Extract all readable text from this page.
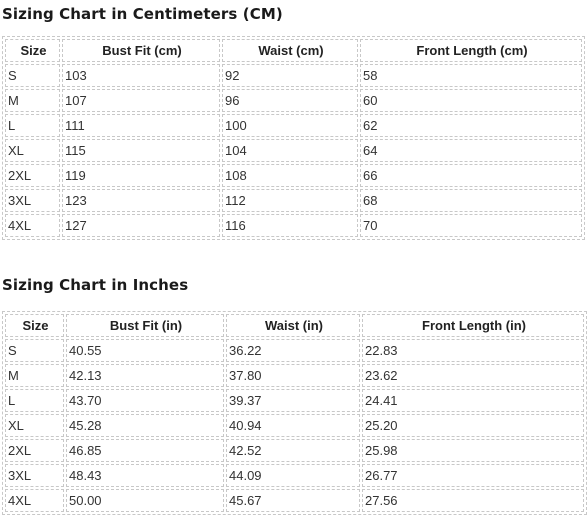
Sizing Chart in Centimeters (CM)
Size	Bust Fit (cm)	Waist (cm)	Front Length (cm)
S	103	92	58
M	107	96	60
L	111	100	62
XL	115	104	64
2XL	119	108	66
3XL	123	112	68
4XL	127	116	70
Sizing Chart in Inches
Size	Bust Fit (in)	Waist (in)	Front Length (in)
S	40.55	36.22	22.83
M	42.13	37.80	23.62
L	43.70	39.37	24.41
XL	45.28	40.94	25.20
2XL	46.85	42.52	25.98
3XL	48.43	44.09	26.77
4XL	50.00	45.67	27.56
